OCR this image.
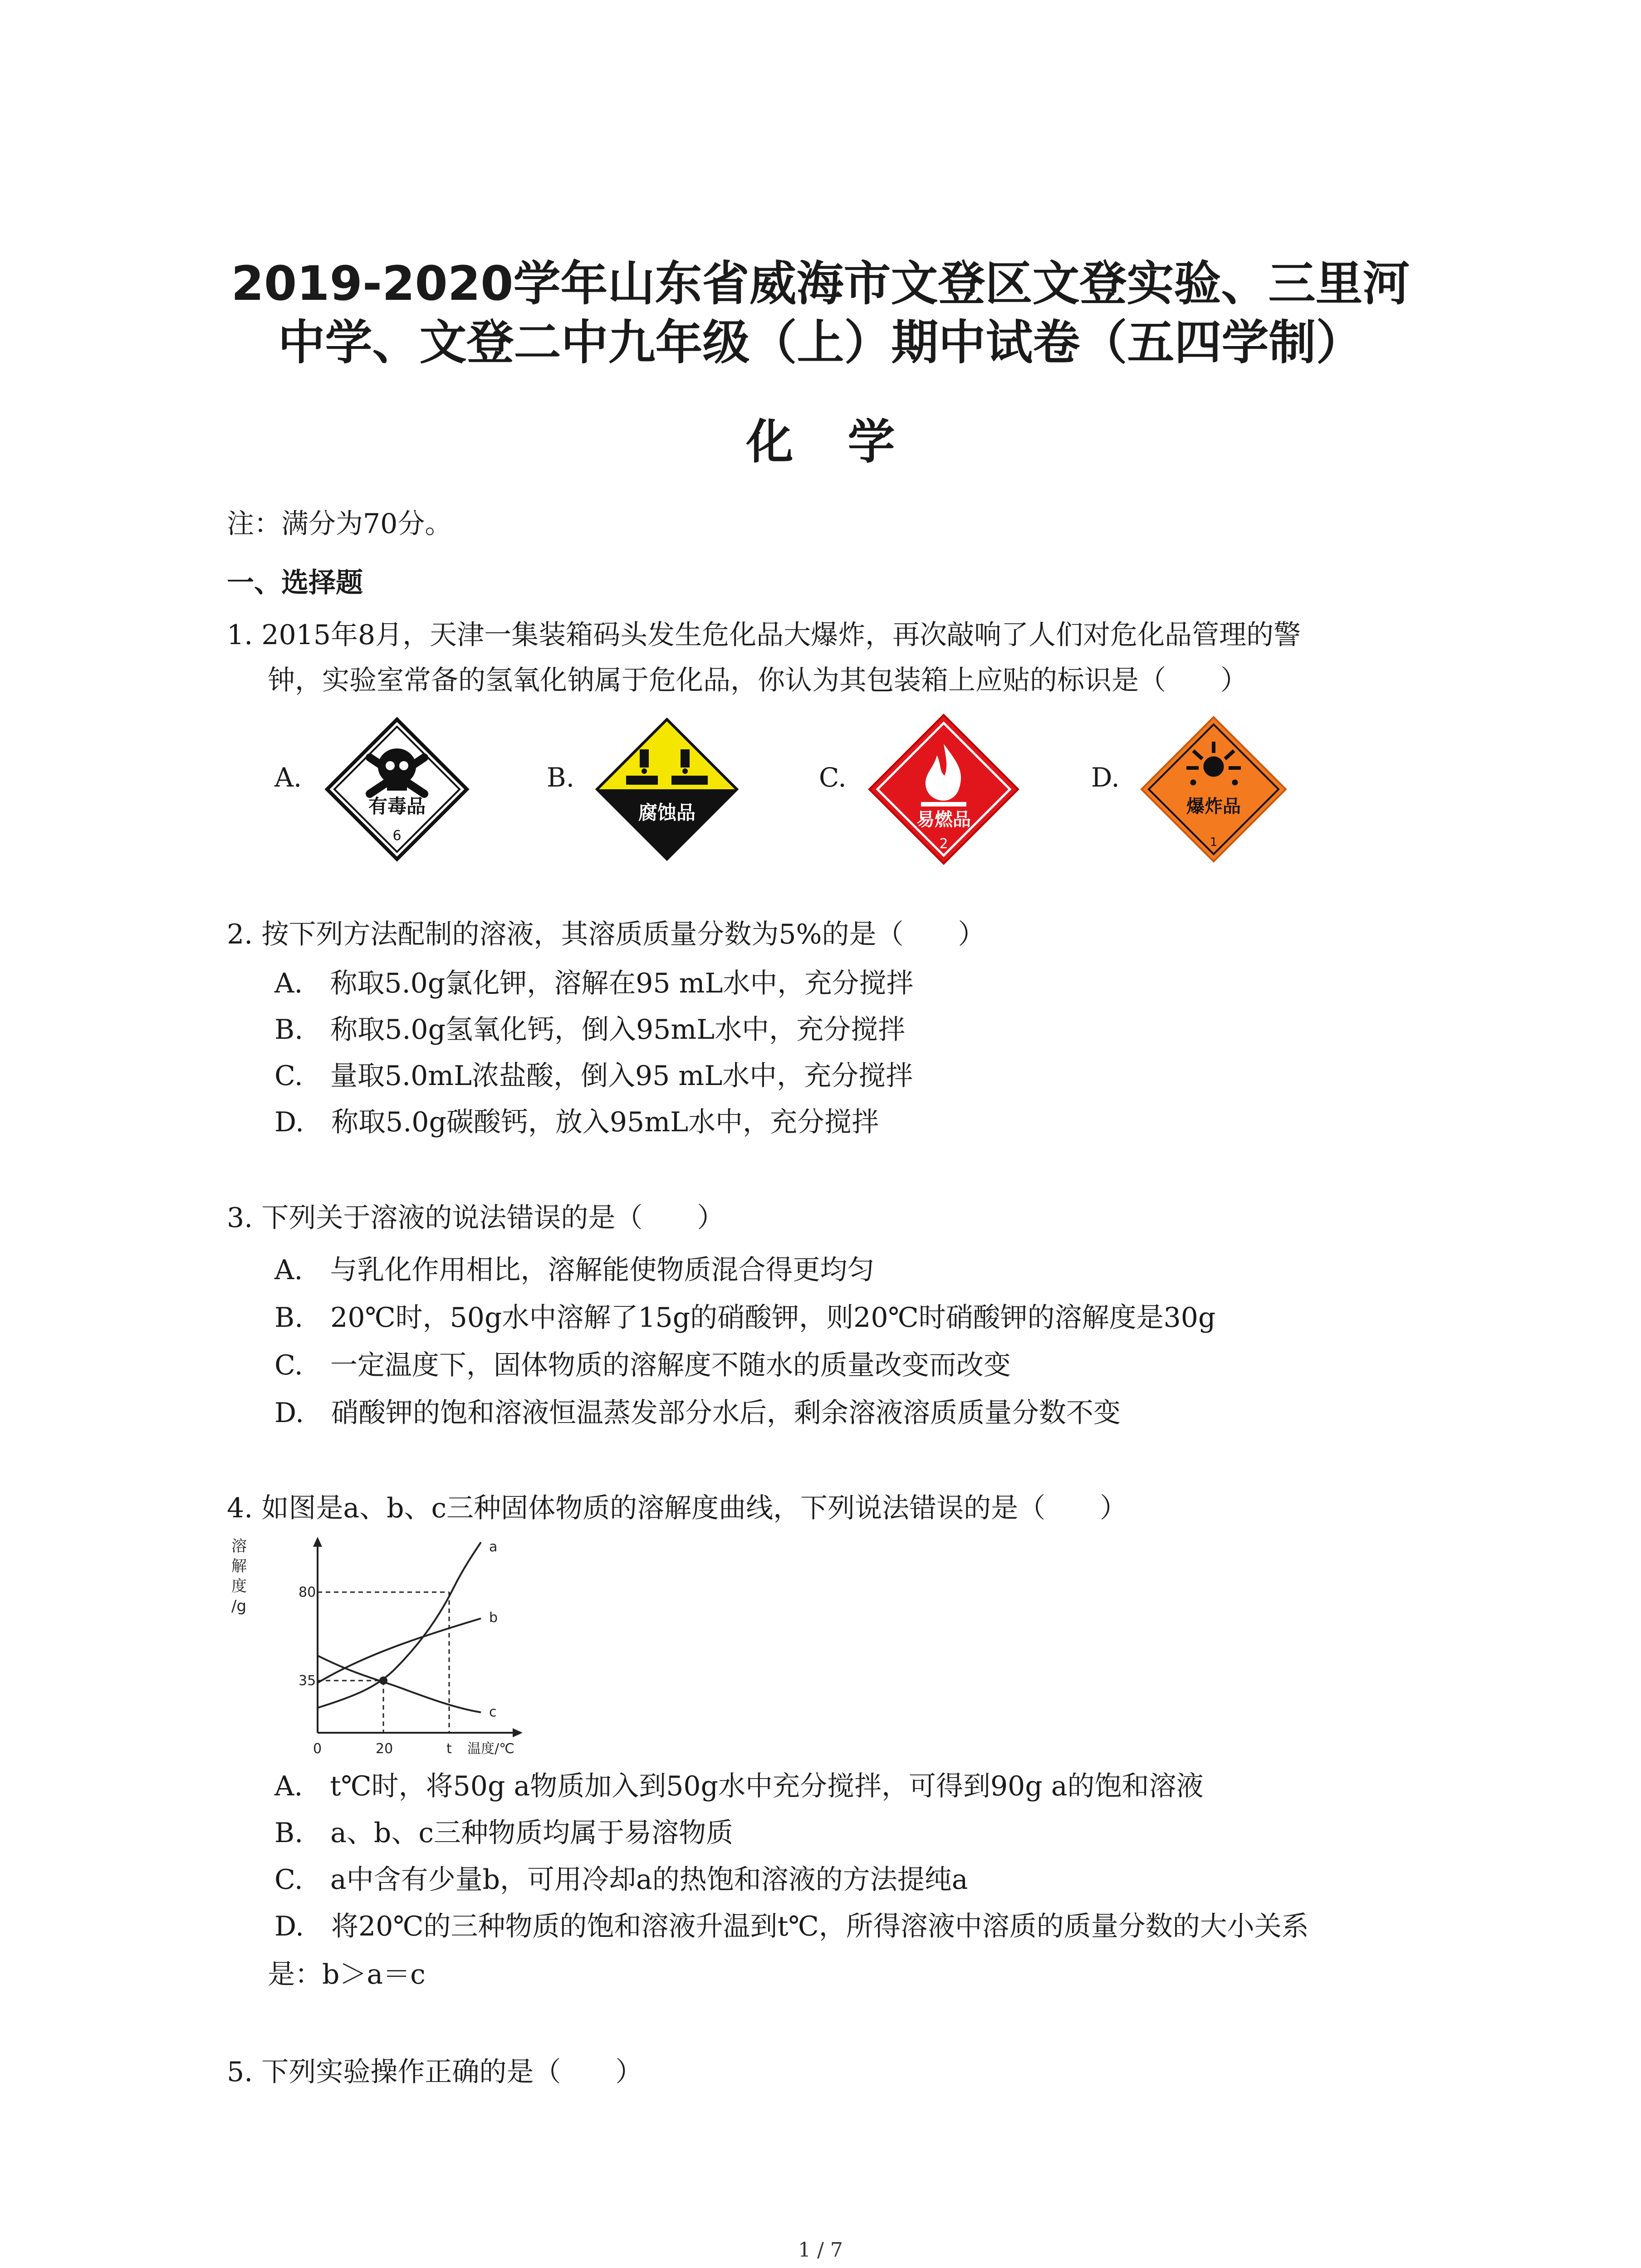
2019-2020学年山东省威海市文登区文登实验、三里河
中学、文登二中九年级（上）期中试卷（五四学制）
化学
注：满分为70分。
一、选择题
1. 2015年8月，天津一集装箱码头发生危化品大爆炸，再次敲响了人们对危化品管理的警
钟，实验室常备的氢氧化钠属于危化品，你认为其包装箱上应贴的标识是（　　）
A.
有毒品
6
B.
腐蚀品
C.
易燃品
2
D.
爆炸品
1
2. 按下列方法配制的溶液，其溶质质量分数为5%的是（　　）
A.　称取5.0g氯化钾，溶解在95 mL水中，充分搅拌
B.　称取5.0g氢氧化钙，倒入95mL水中，充分搅拌
C.　量取5.0mL浓盐酸，倒入95 mL水中，充分搅拌
D.　称取5.0g碳酸钙，放入95mL水中，充分搅拌
3. 下列关于溶液的说法错误的是（　　）
A.　与乳化作用相比，溶解能使物质混合得更均匀
B.　20℃时，50g水中溶解了15g的硝酸钾，则20℃时硝酸钾的溶解度是30g
C.　一定温度下，固体物质的溶解度不随水的质量改变而改变
D.　硝酸钾的饱和溶液恒温蒸发部分水后，剩余溶液溶质质量分数不变
4. 如图是a、b、c三种固体物质的溶解度曲线，下列说法错误的是（　　）
溶
解
度
/g
80
35
0	20	t 温度/℃
a
b
c
A.　t℃时，将50g a物质加入到50g水中充分搅拌，可得到90g a的饱和溶液
B.　a、b、c三种物质均属于易溶物质
C.　a中含有少量b，可用冷却a的热饱和溶液的方法提纯a
D.　将20℃的三种物质的饱和溶液升温到t℃，所得溶液中溶质的质量分数的大小关系
是：b＞a＝c
5. 下列实验操作正确的是（　　）
1 / 7
